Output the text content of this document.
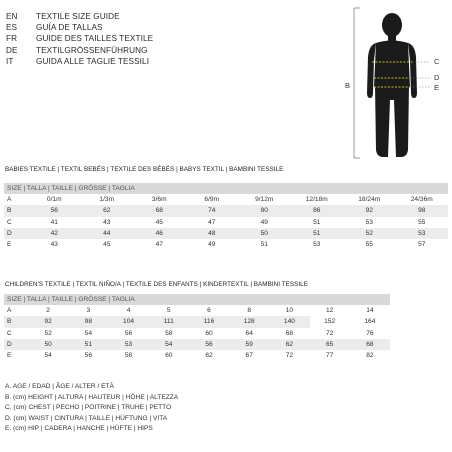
EN	TEXTILE SIZE GUIDE
ES	GUÍA DE TALLAS
FR	GUIDE DES TAILLES TEXTILE
DE	TEXTILGRÖSSENFÜHRUNG
IT	GUIDA ALLE TAGLIE TESSILI
B
C
D
E
BABIES TEXTILE | TEXTIL BEBÉS | TEXTILE DES BÉBÉS | BABYS TEXTIL | BAMBINI TESSILE
SIZE | TALLA | TAILLE | GRÖSSE | TAGLIA								
A	0/1m	1/3m	3/6m	6/9m	9/12m	12/18m	18/24m	24/36m
B	56	62	68	74	80	86	92	98
C	41	43	45	47	49	51	53	55
D	42	44	46	48	50	51	52	53
E	43	45	47	49	51	53	55	57
CHILDREN'S TEXTILE | TEXTIL NIÑO/A | TEXTILE DES ENFANTS | KINDERTEXTIL | BAMBINI TESSILE
SIZE | TALLA | TAILLE | GRÖSSE | TAGLIA									
A	2	3	4	5	6	8	10	12	14
B	92	98	104	111	116	128	140	152	164
C	52	54	56	58	60	64	68	72	76
D	50	51	53	54	56	59	62	65	68
E	54	56	58	60	62	67	72	77	82
A. AGE / EDAD | ÂGE / ALTER / ETÀ
B. (cm) HEIGHT | ALTURA | HAUTEUR | HÖHE | ALTEZZA
C. (cm) CHEST | PECHO | POITRINE | TRUHE | PETTO
D. (cm) WAIST | CINTURA | TAILLE | HÜFTUNG | VITA
E. (cm) HIP | CADERA | HANCHE | HÜFTE | HIPS
